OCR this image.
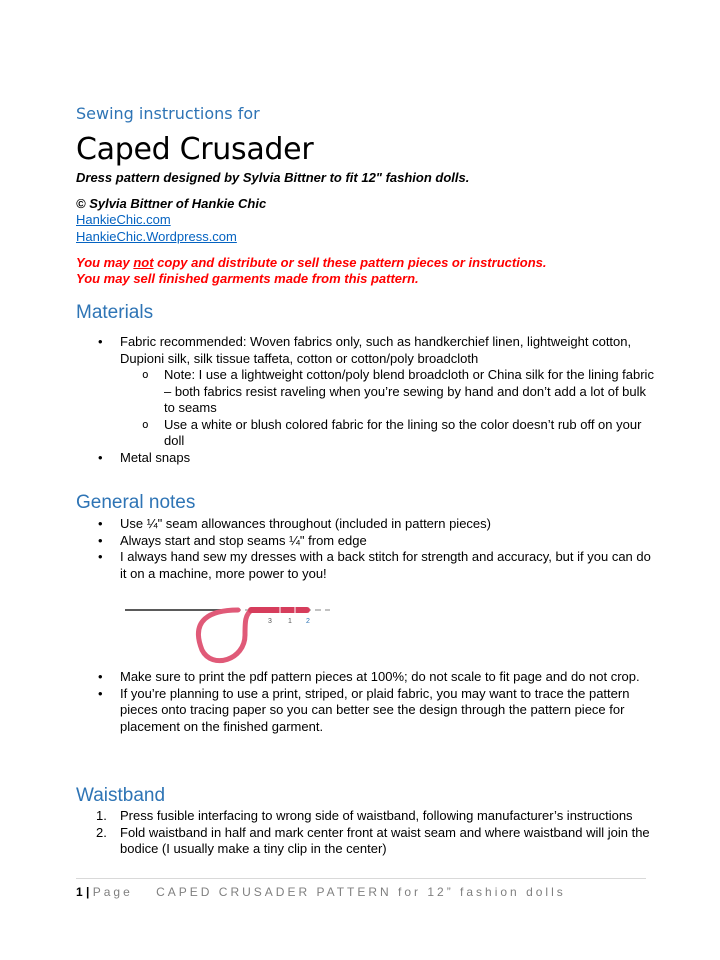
Sewing instructions for
Caped Crusader
Dress pattern designed by Sylvia Bittner to fit 12" fashion dolls.
© Sylvia Bittner of Hankie Chic
HankieChic.com
HankieChic.Wordpress.com
You may not copy and distribute or sell these pattern pieces or instructions.
You may sell finished garments made from this pattern.
Materials
• Fabric recommended: Woven fabrics only, such as handkerchief linen, lightweight cotton, Dupioni silk, silk tissue taffeta, cotton or cotton/poly broadcloth
o Note: I use a lightweight cotton/poly blend broadcloth or China silk for the lining fabric – both fabrics resist raveling when you’re sewing by hand and don’t add a lot of bulk to seams
o Use a white or blush colored fabric for the lining so the color doesn’t rub off on your doll
• Metal snaps
General notes
• Use ¼" seam allowances throughout (included in pattern pieces)
• Always start and stop seams ¼" from edge
• I always hand sew my dresses with a back stitch for strength and accuracy, but if you can do it on a machine, more power to you!
• Make sure to print the pdf pattern pieces at 100%; do not scale to fit page and do not crop.
• If you’re planning to use a print, striped, or plaid fabric, you may want to trace the pattern pieces onto tracing paper so you can better see the design through the pattern piece for placement on the finished garment.
Waistband
1. Press fusible interfacing to wrong side of waistband, following manufacturer’s instructions
2. Fold waistband in half and mark center front at waist seam and where waistband will join the bodice (I usually make a tiny clip in the center)
3 1 2
1 | Page CAPED CRUSADER PATTERN for 12” fashion dolls
